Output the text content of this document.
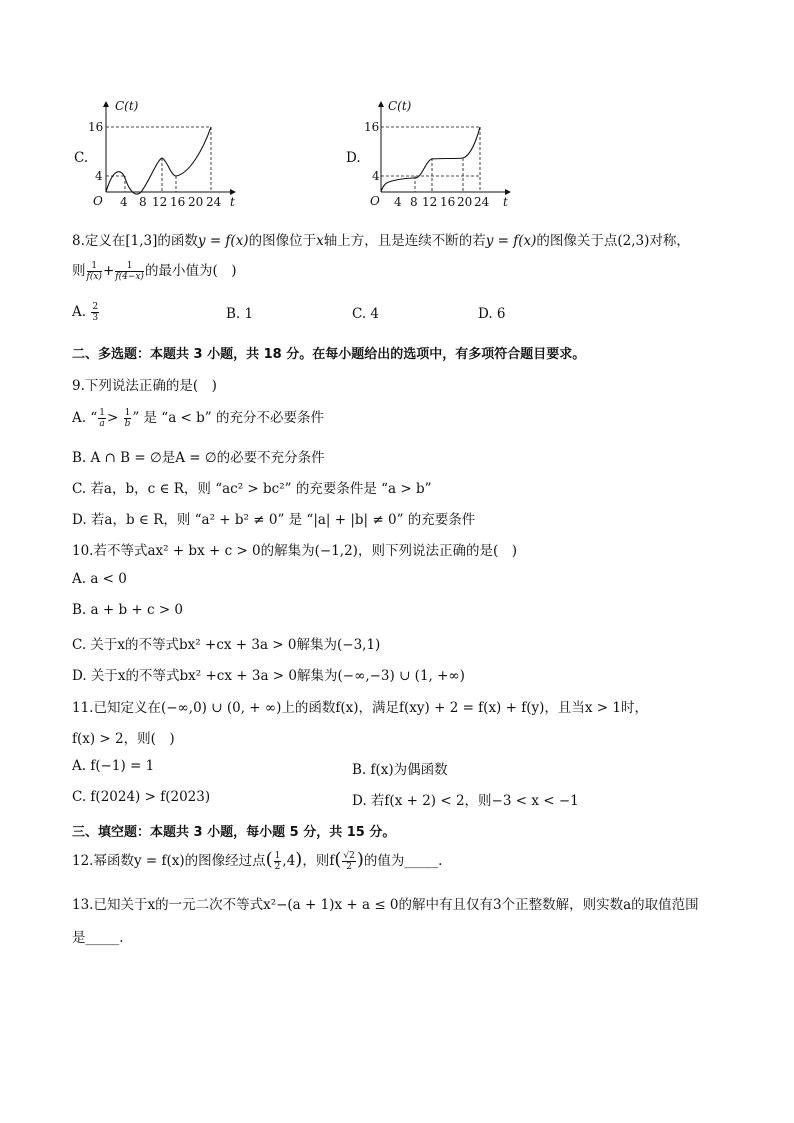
C.
C(t)
16
4
O	t
4 8 12 16 20 24
D.
C(t)
16
4
O	t
4 8 12 16 20 24
8.定义在[1,3]的函数y = f(x)的图像位于x轴上方，且是连续不断的若y = f(x)的图像关于点(2,3)对称，
则 $\frac{1}{f(x)} + \frac{1}{f(4-x)}$ 的最小值为(　)
A. $\frac{2}{3}$	B. 1	C. 4	D. 6
二、多选题：本题共 3 小题，共 18 分。在每小题给出的选项中，有多项符合题目要求。
9.下列说法正确的是(　)
A. “ $\frac{1}{a} > \frac{1}{b}$ ” 是 “a < b” 的充分不必要条件
B. A ∩ B = ∅是A = ∅的必要不充分条件
C. 若a，b，c ∈ R，则 “ac² > bc²” 的充要条件是 “a > b”
D. 若a，b ∈ R，则 “a² + b² ≠ 0” 是 “|a| + |b| ≠ 0” 的充要条件
10.若不等式ax² + bx + c > 0的解集为(−1,2)，则下列说法正确的是(　)
A. a < 0
B. a + b + c > 0
C. 关于x的不等式bx² +cx + 3a > 0解集为(−3,1)
D. 关于x的不等式bx² +cx + 3a > 0解集为(−∞,−3) ∪ (1, +∞)
11.已知定义在(−∞,0) ∪ (0, + ∞)上的函数f(x)，满足f(xy) + 2 = f(x) + f(y)，且当x > 1时，
f(x) > 2，则(　)
A. f(−1) = 1	B. f(x)为偶函数
C. f(2024) > f(2023)	D. 若f(x + 2) < 2，则−3 < x < −1
三、填空题：本题共 3 小题，每小题 5 分，共 15 分。
12.幂函数y = f(x)的图像经过点( $\frac{1}{2} ,4$)，则$f( \frac{√2}{2}$ )的值为_____.
13.已知关于x的一元二次不等式x²−(a + 1)x + a ≤ 0的解中有且仅有3个正整数解，则实数a的取值范围
是_____.
